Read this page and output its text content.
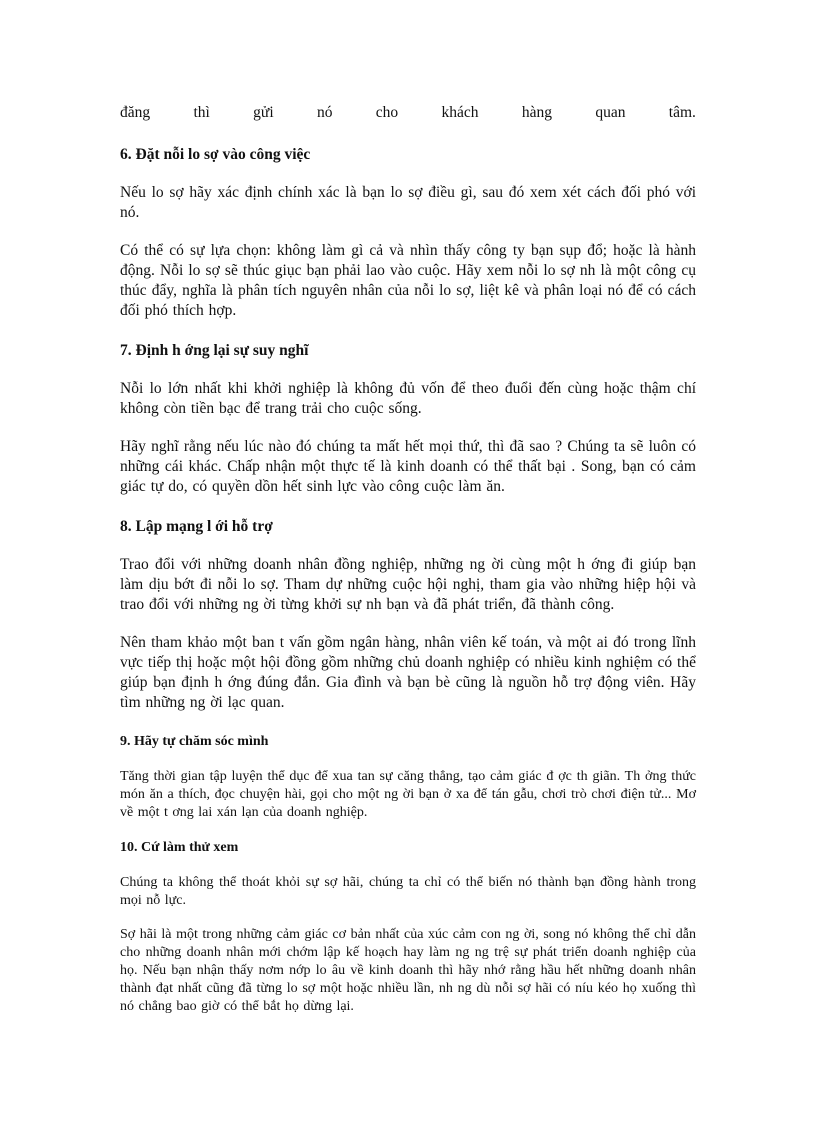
đăng	thì	gửi	nó	cho	khách	hàng	quan	tâm.
6. Đặt nỗi lo sợ vào công việc

Nếu lo sợ hãy xác định chính xác là bạn lo sợ điều gì, sau đó xem xét cách đối phó với nó.

Có thể có sự lựa chọn: không làm gì cả và nhìn thấy công ty bạn sụp đổ; hoặc là hành động. Nỗi lo sợ sẽ thúc giục bạn phải lao vào cuộc. Hãy xem nỗi lo sợ nh là một công cụ thúc đẩy, nghĩa là phân tích nguyên nhân của nỗi lo sợ, liệt kê và phân loại nó để có cách đối phó thích hợp.

7. Định h ớng lại sự suy nghĩ

Nỗi lo lớn nhất khi khởi nghiệp là không đủ vốn để theo đuổi đến cùng hoặc thậm chí không còn tiền bạc để trang trải cho cuộc sống.

Hãy nghĩ rằng nếu lúc nào đó chúng ta mất hết mọi thứ, thì đã sao ? Chúng ta sẽ luôn có những cái khác. Chấp nhận một thực tế là kinh doanh có thể thất bại . Song, bạn có cảm giác tự do, có quyền dồn hết sinh lực vào công cuộc làm ăn.

8. Lập mạng l ới hỗ trợ

Trao đổi với những doanh nhân đồng nghiệp, những ng ời cùng một h ớng đi giúp bạn làm dịu bớt đi nỗi lo sợ. Tham dự những cuộc hội nghị, tham gia vào những hiệp hội và trao đổi với những ng ời từng khởi sự nh bạn và đã phát triển, đã thành công.

Nên tham khảo một ban t vấn gồm ngân hàng, nhân viên kế toán, và một ai đó trong lĩnh vực tiếp thị hoặc một hội đồng gồm những chủ doanh nghiệp có nhiều kinh nghiệm có thể giúp bạn định h ớng đúng đắn. Gia đình và bạn bè cũng là nguồn hỗ trợ động viên. Hãy tìm những ng ời lạc quan.

9. Hãy tự chăm sóc mình

Tăng thời gian tập luyện thể dục để xua tan sự căng thẳng, tạo cảm giác đ ợc th giãn. Th ởng thức món ăn a thích, đọc chuyện hài, gọi cho một ng ời bạn ở xa để tán gẫu, chơi trò chơi điện tử... Mơ về một t ơng lai xán lạn của doanh nghiệp.

10. Cứ làm thử xem

Chúng ta không thể thoát khỏi sự sợ hãi, chúng ta chỉ có thể biến nó thành bạn đồng hành trong mọi nỗ lực.

Sợ hãi là một trong những cảm giác cơ bản nhất của xúc cảm con ng ời, song nó không thể chỉ dẫn cho những doanh nhân mới chớm lập kế hoạch hay làm ng ng trệ sự phát triển doanh nghiệp của họ. Nếu bạn nhận thấy nơm nớp lo âu về kinh doanh thì hãy nhớ rằng hầu hết những doanh nhân thành đạt nhất cũng đã từng lo sợ một hoặc nhiều lần, nh ng dù nỗi sợ hãi có níu kéo họ xuống thì nó chẳng bao giờ có thể bắt họ dừng lại.
